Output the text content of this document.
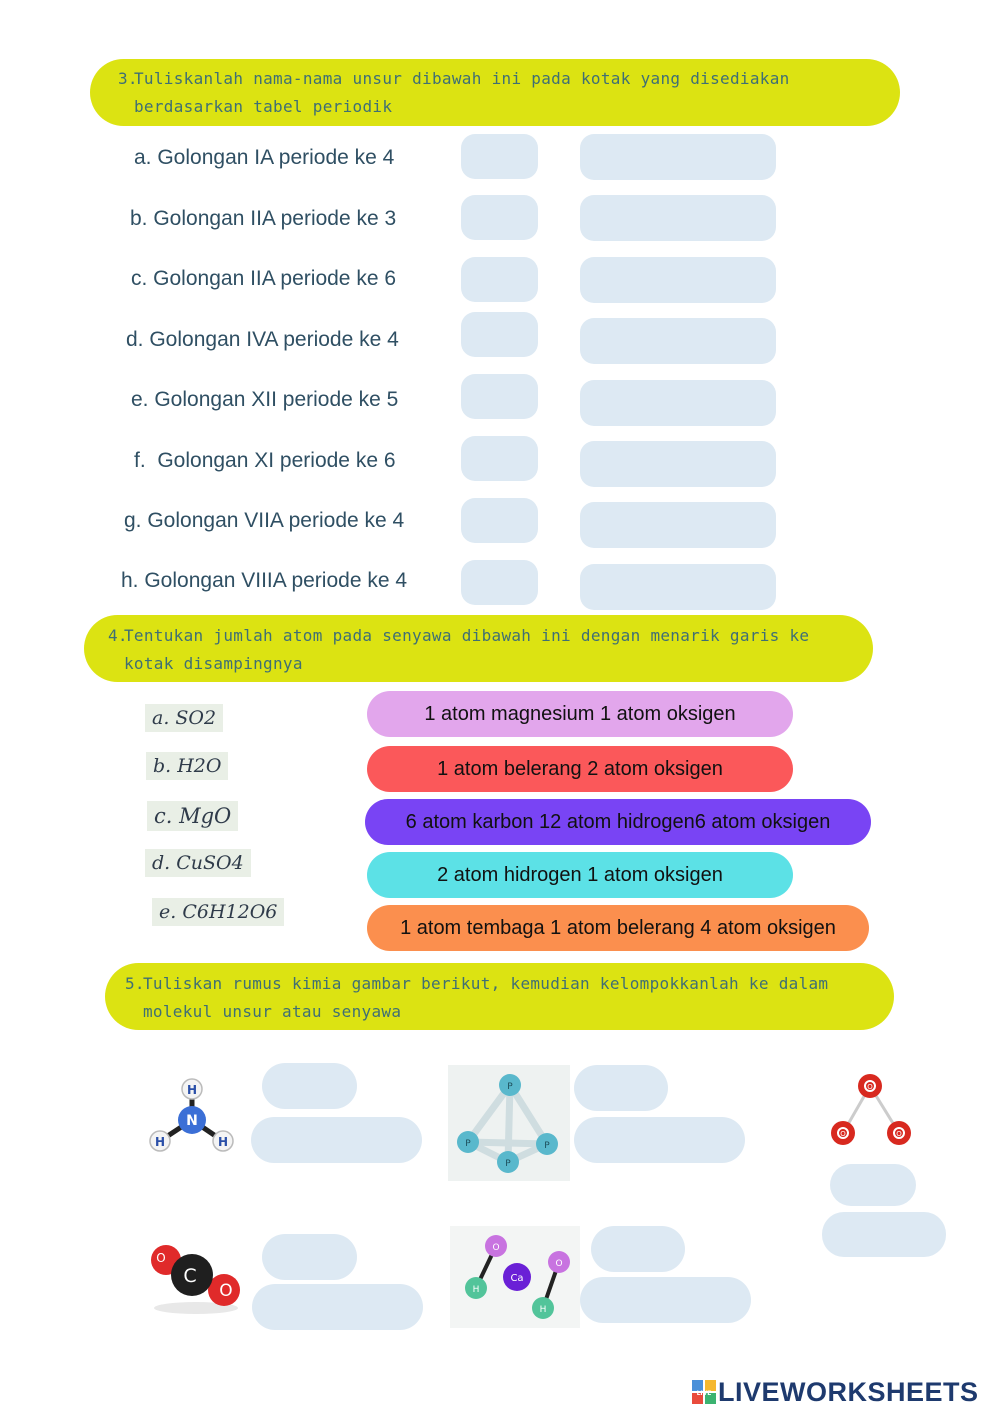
3.
Tuliskanlah nama-nama unsur dibawah ini pada kotak yang disediakan berdasarkan tabel periodik
a. Golongan IA periode ke 4
b. Golongan IIA periode ke 3
c. Golongan IIA periode ke 6
d. Golongan IVA periode ke 4
e. Golongan XII periode ke 5
f.  Golongan XI periode ke 6
g. Golongan VIIA periode ke 4
h. Golongan VIIIA periode ke 4
4.
Tentukan jumlah atom pada senyawa dibawah ini dengan menarik garis ke kotak disampingnya
a. SO2
b. H2O
c. MgO
d. CuSO4
e. C6H12O6
1 atom magnesium 1 atom oksigen
1 atom belerang 2 atom oksigen
6 atom karbon 12 atom hidrogen6 atom oksigen
2 atom hidrogen 1 atom oksigen
1 atom tembaga 1 atom belerang 4 atom oksigen
5.
Tuliskan rumus kimia gambar berikut, kemudian kelompokkanlah ke dalam molekul unsur atau senyawa
N
H
H	H
P
P	P
P
O
O	O
O
C
O
O
O
Ca
H
H
LIVE LIVEWORKSHEETS
